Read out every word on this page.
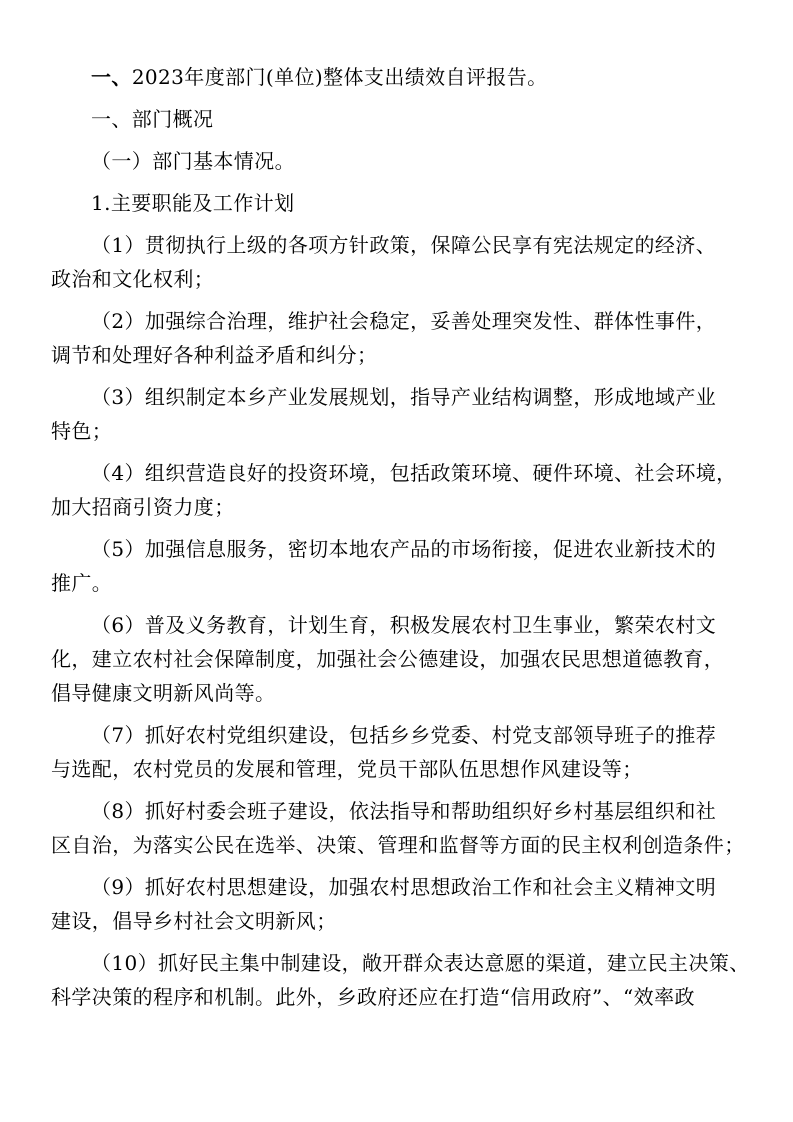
一、2023年度部门(单位)整体支出绩效自评报告。

一、部门概况

（一）部门基本情况。

1.主要职能及工作计划

（1）贯彻执行上级的各项方针政策，保障公民享有宪法规定的经济、

政治和文化权利；

（2）加强综合治理，维护社会稳定，妥善处理突发性、群体性事件，

调节和处理好各种利益矛盾和纠分；

（3）组织制定本乡产业发展规划，指导产业结构调整，形成地域产业

特色；

（4）组织营造良好的投资环境，包括政策环境、硬件环境、社会环境，

加大招商引资力度；

（5）加强信息服务，密切本地农产品的市场衔接，促进农业新技术的

推广。

（6）普及义务教育，计划生育，积极发展农村卫生事业，繁荣农村文

化，建立农村社会保障制度，加强社会公德建设，加强农民思想道德教育，

倡导健康文明新风尚等。

（7）抓好农村党组织建设，包括乡乡党委、村党支部领导班子的推荐

与选配，农村党员的发展和管理，党员干部队伍思想作风建设等；

（8）抓好村委会班子建设，依法指导和帮助组织好乡村基层组织和社

区自治，为落实公民在选举、决策、管理和监督等方面的民主权利创造条件；

（9）抓好农村思想建设，加强农村思想政治工作和社会主义精神文明

建设，倡导乡村社会文明新风；

（10）抓好民主集中制建设，敞开群众表达意愿的渠道，建立民主决策、

科学决策的程序和机制。此外，乡政府还应在打造“信用政府”、“效率政
